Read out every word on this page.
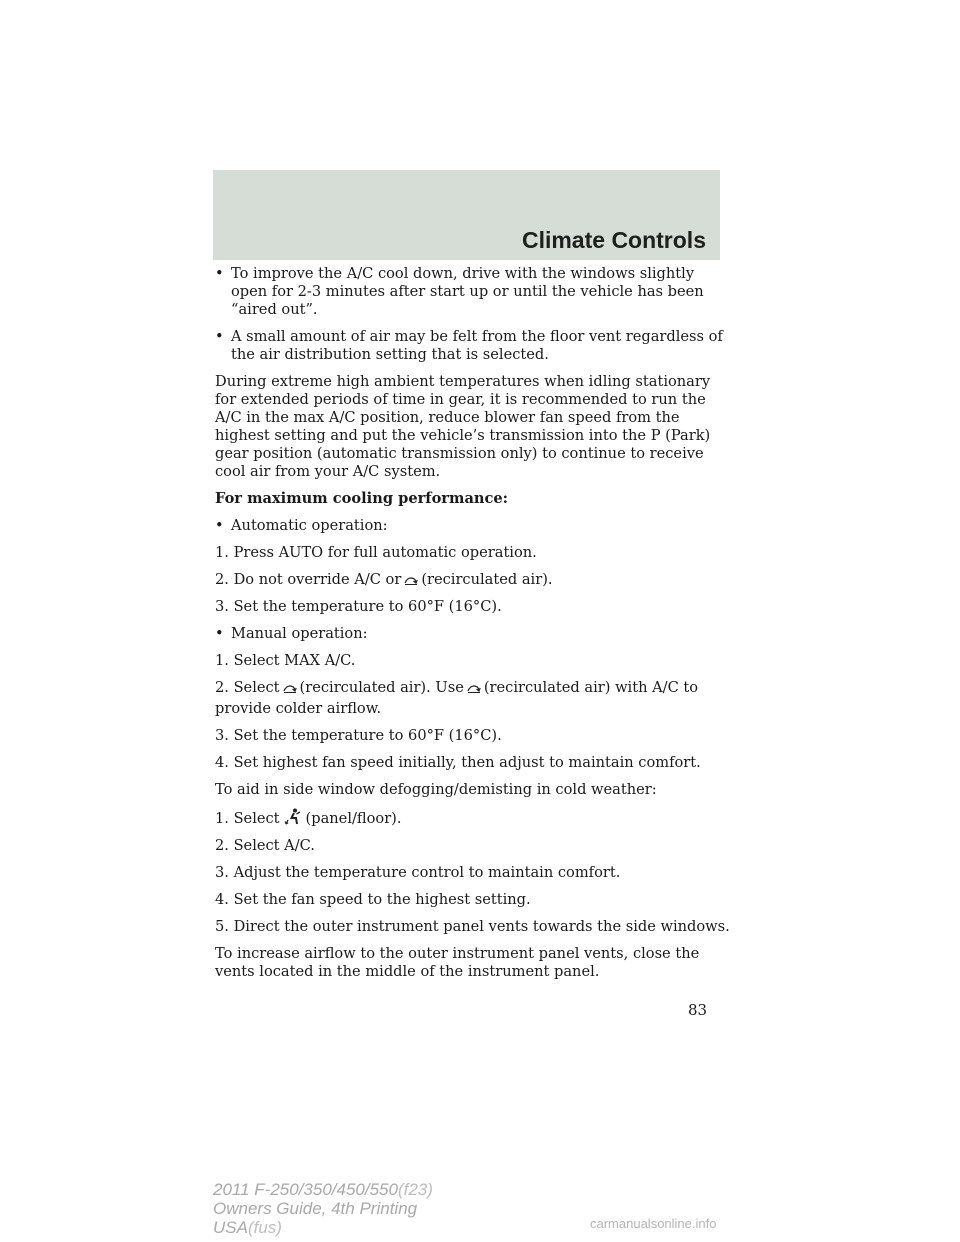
Climate Controls
• To improve the A/C cool down, drive with the windows slightly open for 2-3 minutes after start up or until the vehicle has been “aired out”.
• A small amount of air may be felt from the floor vent regardless of the air distribution setting that is selected.

During extreme high ambient temperatures when idling stationary for extended periods of time in gear, it is recommended to run the A/C in the max A/C position, reduce blower fan speed from the highest setting and put the vehicle’s transmission into the P (Park) gear position (automatic transmission only) to continue to receive cool air from your A/C system.

For maximum cooling performance:

• Automatic operation:

1. Press AUTO for full automatic operation.

2. Do not override A/C or (recirculated air).

3. Set the temperature to 60°F (16°C).

• Manual operation:

1. Select MAX A/C.

2. Select (recirculated air). Use (recirculated air) with A/C to

provide colder airflow.

3. Set the temperature to 60°F (16°C).

4. Set highest fan speed initially, then adjust to maintain comfort.

To aid in side window defogging/demisting in cold weather:

1. Select (panel/floor).

2. Select A/C.

3. Adjust the temperature control to maintain comfort.

4. Set the fan speed to the highest setting.

5. Direct the outer instrument panel vents towards the side windows.

To increase airflow to the outer instrument panel vents, close the vents located in the middle of the instrument panel.

83
2011 F-250/350/450/550(f23)
Owners Guide, 4th Printing
USA(fus)	carmanualsonline.info
